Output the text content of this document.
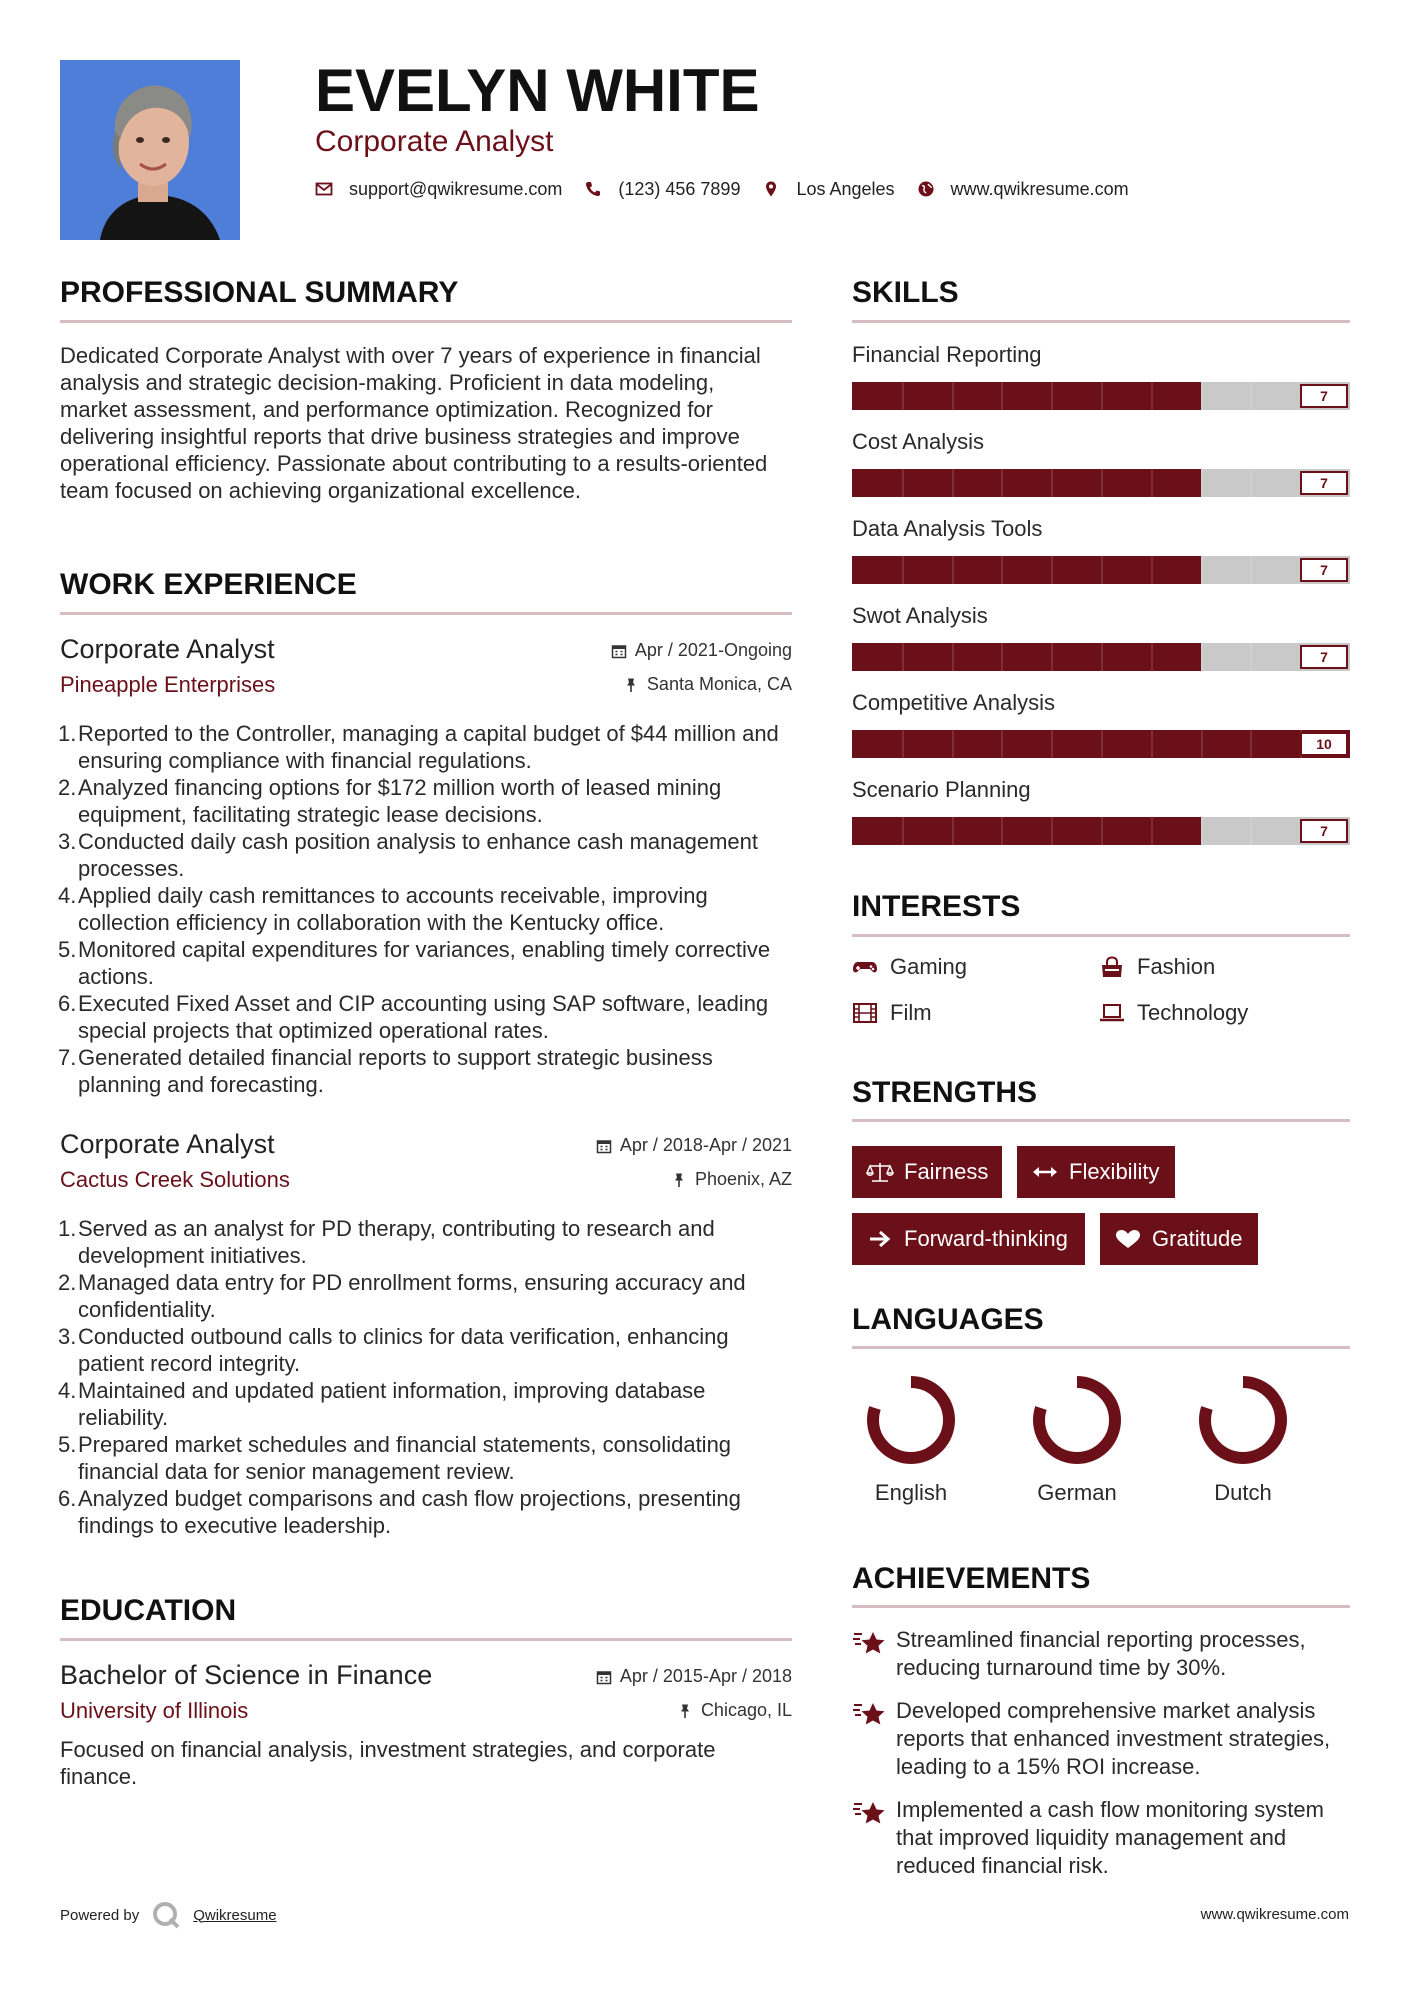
EVELYN WHITE
Corporate Analyst
support@qwikresume.com	(123) 456 7899	Los Angeles	www.qwikresume.com
PROFESSIONAL SUMMARY
Dedicated Corporate Analyst with over 7 years of experience in financial analysis and strategic decision-making. Proficient in data modeling, market assessment, and performance optimization. Recognized for delivering insightful reports that drive business strategies and improve operational efficiency. Passionate about contributing to a results-oriented team focused on achieving organizational excellence.
WORK EXPERIENCE
Corporate Analyst
Pineapple Enterprises
Apr / 2021-Ongoing
Santa Monica, CA
1. Reported to the Controller, managing a capital budget of $44 million and ensuring compliance with financial regulations.
2. Analyzed financing options for $172 million worth of leased mining equipment, facilitating strategic lease decisions.
3. Conducted daily cash position analysis to enhance cash management processes.
4. Applied daily cash remittances to accounts receivable, improving collection efficiency in collaboration with the Kentucky office.
5. Monitored capital expenditures for variances, enabling timely corrective actions.
6. Executed Fixed Asset and CIP accounting using SAP software, leading special projects that optimized operational rates.
7. Generated detailed financial reports to support strategic business planning and forecasting.
Corporate Analyst
Cactus Creek Solutions
Apr / 2018-Apr / 2021
Phoenix, AZ
1. Served as an analyst for PD therapy, contributing to research and development initiatives.
2. Managed data entry for PD enrollment forms, ensuring accuracy and confidentiality.
3. Conducted outbound calls to clinics for data verification, enhancing patient record integrity.
4. Maintained and updated patient information, improving database reliability.
5. Prepared market schedules and financial statements, consolidating financial data for senior management review.
6. Analyzed budget comparisons and cash flow projections, presenting findings to executive leadership.
EDUCATION
Bachelor of Science in Finance
University of Illinois
Apr / 2015-Apr / 2018
Chicago, IL
Focused on financial analysis, investment strategies, and corporate finance.
SKILLS
Financial Reporting
7
Cost Analysis
7
Data Analysis Tools
7
Swot Analysis
7
Competitive Analysis
10
Scenario Planning
7
INTERESTS
Gaming	Fashion
Film	Technology
STRENGTHS
Fairness	Flexibility
Forward-thinking	Gratitude
LANGUAGES
English	German	Dutch
ACHIEVEMENTS
Streamlined financial reporting processes, reducing turnaround time by 30%.
Developed comprehensive market analysis reports that enhanced investment strategies, leading to a 15% ROI increase.
Implemented a cash flow monitoring system that improved liquidity management and reduced financial risk.
Powered by	Qwikresume	www.qwikresume.com
